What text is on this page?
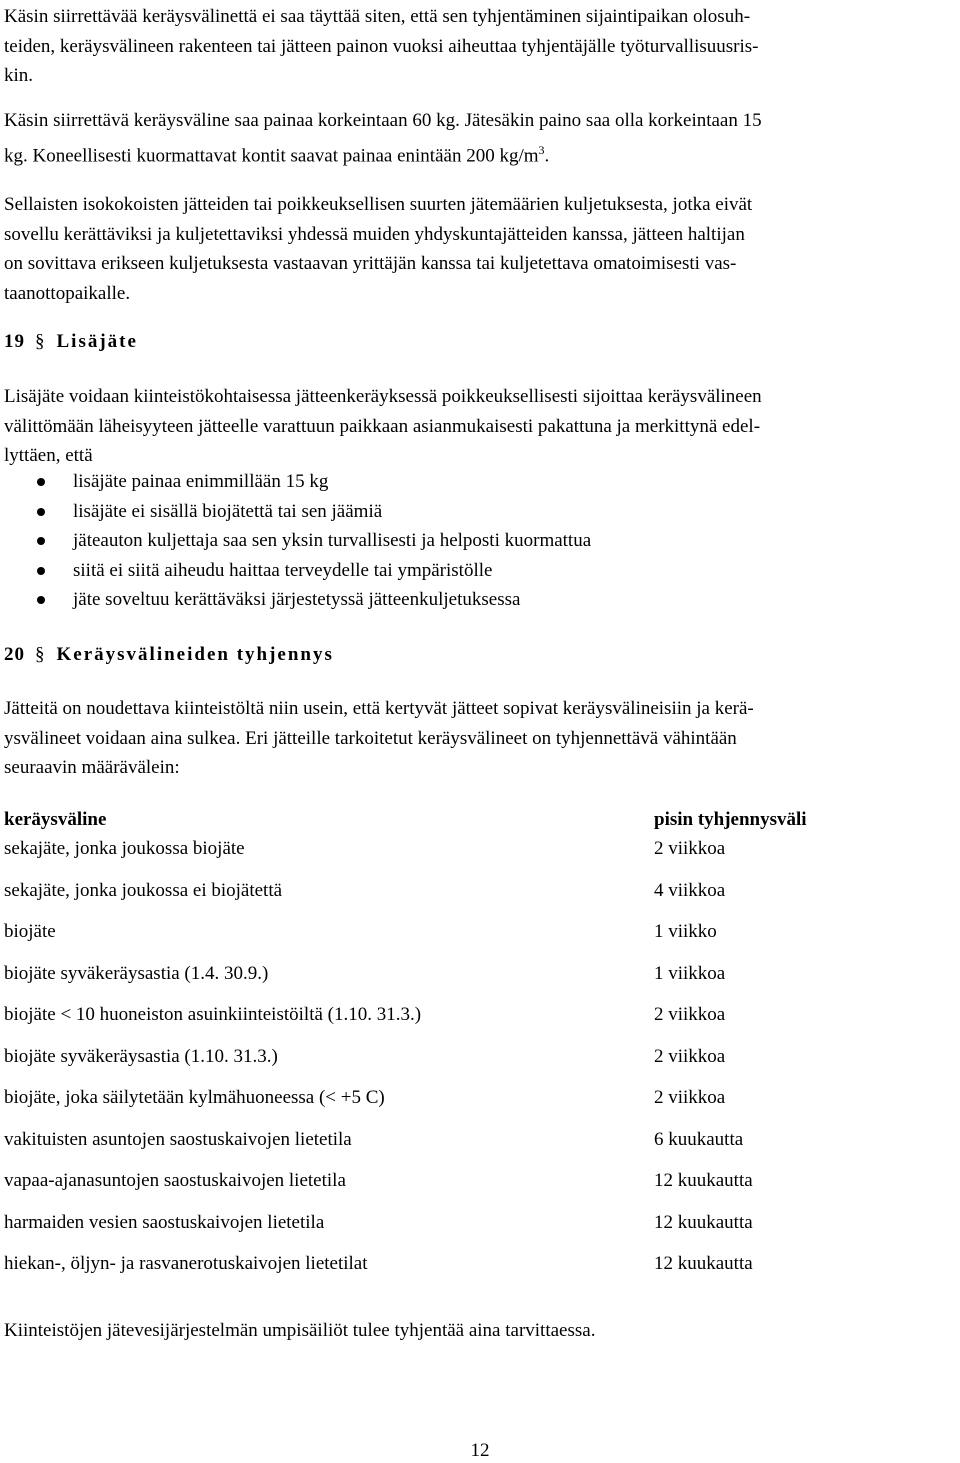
Käsin siirrettävää keräysvälinettä ei saa täyttää siten, että sen tyhjentäminen sijaintipaikan olosuh-
teiden, keräysvälineen rakenteen tai jätteen painon vuoksi aiheuttaa tyhjentäjälle työturvallisuusris-
kin.

Käsin siirrettävä keräysväline saa painaa korkeintaan 60 kg. Jätesäkin paino saa olla korkeintaan 15
kg. Koneellisesti kuormattavat kontit saavat painaa enintään 200 $kg/m^3$.

Sellaisten isokokoisten jätteiden tai poikkeuksellisen suurten jätemäärien kuljetuksesta, jotka eivät
sovellu kerättäviksi ja kuljetettaviksi yhdessä muiden yhdyskuntajätteiden kanssa, jätteen haltijan
on sovittava erikseen kuljetuksesta vastaavan yrittäjän kanssa tai kuljetettava omatoimisesti vas-
taanottopaikalle.

19 § Lisäjäte

Lisäjäte voidaan kiinteistökohtaisessa jätteenkeräyksessä poikkeuksellisesti sijoittaa keräysvälineen
välittömään läheisyyteen jätteelle varattuun paikkaan asianmukaisesti pakattuna ja merkittynä edel-
lyttäen, että

lisäjäte painaa enimmillään 15 kg
lisäjäte ei sisällä biojätettä tai sen jäämiä
jäteauton kuljettaja saa sen yksin turvallisesti ja helposti kuormattua
siitä ei siitä aiheudu haittaa terveydelle tai ympäristölle
jäte soveltuu kerättäväksi järjestetyssä jätteenkuljetuksessa
20 § Keräysvälineiden tyhjennys

Jätteitä on noudettava kiinteistöltä niin usein, että kertyvät jätteet sopivat keräysvälineisiin ja kerä-
ysvälineet voidaan aina sulkea. Eri jätteille tarkoitetut keräysvälineet on tyhjennettävä vähintään
seuraavin määrävälein:

keräysväline	pisin tyhjennysväli
sekajäte, jonka joukossa biojäte	2 viikkoa
sekajäte, jonka joukossa ei biojätettä	4 viikkoa
biojäte	1 viikko
biojäte syväkeräysastia (1.4. 30.9.)	1 viikkoa
biojäte < 10 huoneiston asuinkiinteistöiltä (1.10. 31.3.)	2 viikkoa
biojäte syväkeräysastia (1.10. 31.3.)	2 viikkoa
biojäte, joka säilytetään kylmähuoneessa (< +5 C)	2 viikkoa
vakituisten asuntojen saostuskaivojen lietetila	6 kuukautta
vapaa-ajanasuntojen saostuskaivojen lietetila	12 kuukautta
harmaiden vesien saostuskaivojen lietetila	12 kuukautta
hiekan-, öljyn- ja rasvanerotuskaivojen lietetilat	12 kuukautta

Kiinteistöjen jätevesijärjestelmän umpisäiliöt tulee tyhjentää aina tarvittaessa.

12
